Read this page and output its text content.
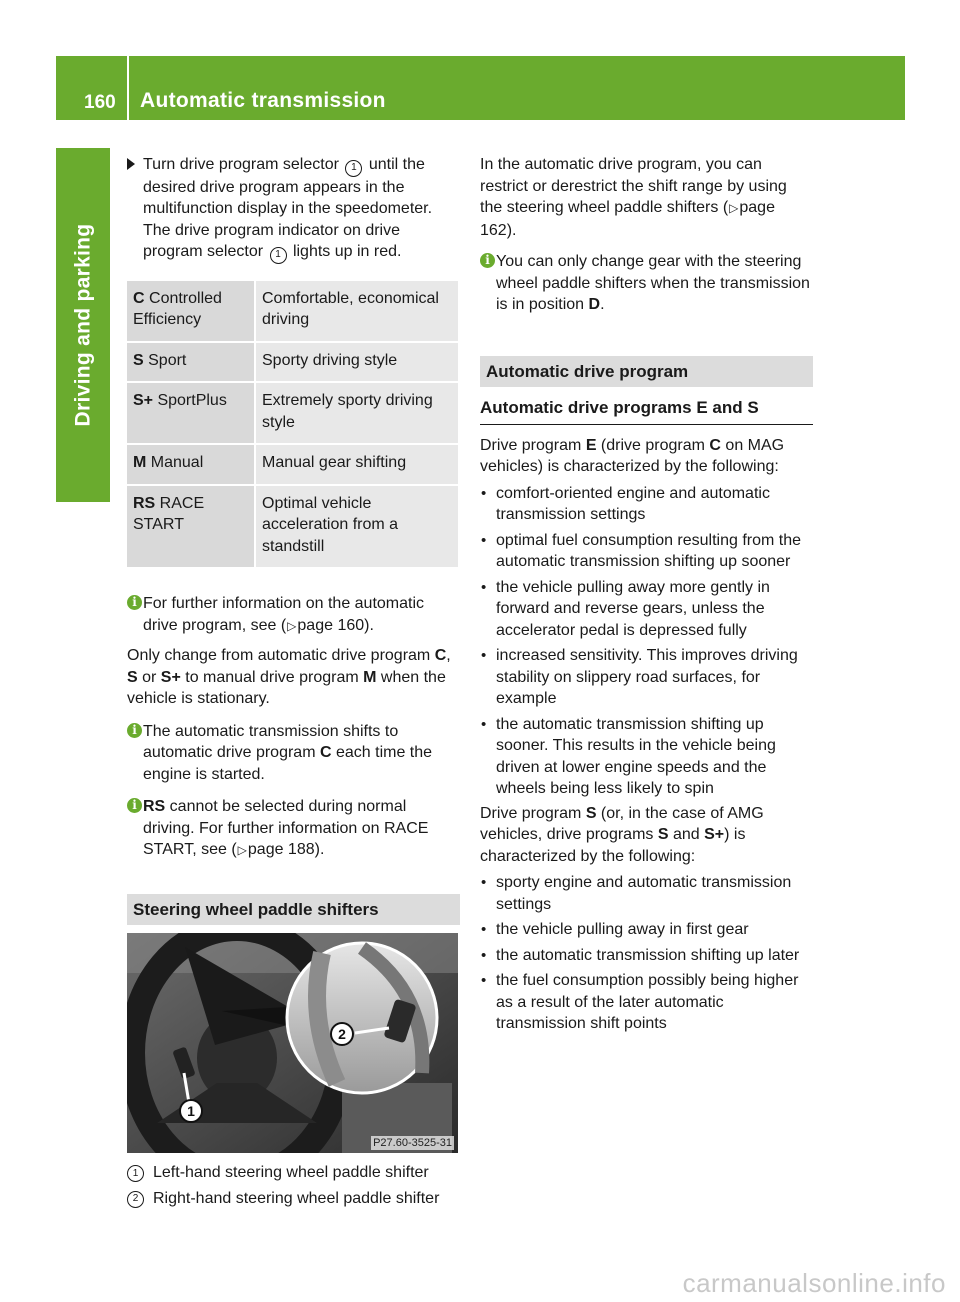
160 Automatic transmission
Driving and parking

Turn drive program selector 1 until the desired drive program appears in the multifunction display in the speedometer. The drive program indicator on drive program selector 1 lights up in red.

C Controlled Efficiency	Comfortable, economical driving
S Sport	Sporty driving style
S+ SportPlus	Extremely sporty driving style
M Manual	Manual gear shifting
RS RACE START	Optimal vehicle acceleration from a standstill

i For further information on the automatic drive program, see (▷page 160).

Only change from automatic drive program C, S or S+ to manual drive program M when the vehicle is stationary.

i The automatic transmission shifts to automatic drive program C each time the engine is started.

i RS cannot be selected during normal driving. For further information on RACE START, see (▷page 188).

Steering wheel paddle shifters
2
1
P27.60-3525-31

1 Left-hand steering wheel paddle shifter

2 Right-hand steering wheel paddle shifter

In the automatic drive program, you can restrict or derestrict the shift range by using the steering wheel paddle shifters (▷page 162).

i You can only change gear with the steering wheel paddle shifters when the transmission is in position D.

Automatic drive program
Automatic drive programs E and S

Drive program E (drive program C on MAG vehicles) is characterized by the following:

• comfort-oriented engine and automatic transmission settings

• optimal fuel consumption resulting from the automatic transmission shifting up sooner

• the vehicle pulling away more gently in forward and reverse gears, unless the accelerator pedal is depressed fully

• increased sensitivity. This improves driving stability on slippery road surfaces, for example

• the automatic transmission shifting up sooner. This results in the vehicle being driven at lower engine speeds and the wheels being less likely to spin

Drive program S (or, in the case of AMG vehicles, drive programs S and S+) is characterized by the following:

• sporty engine and automatic transmission settings

• the vehicle pulling away in first gear

• the automatic transmission shifting up later

• the fuel consumption possibly being higher as a result of the later automatic transmission shift points

carmanualsonline.info
